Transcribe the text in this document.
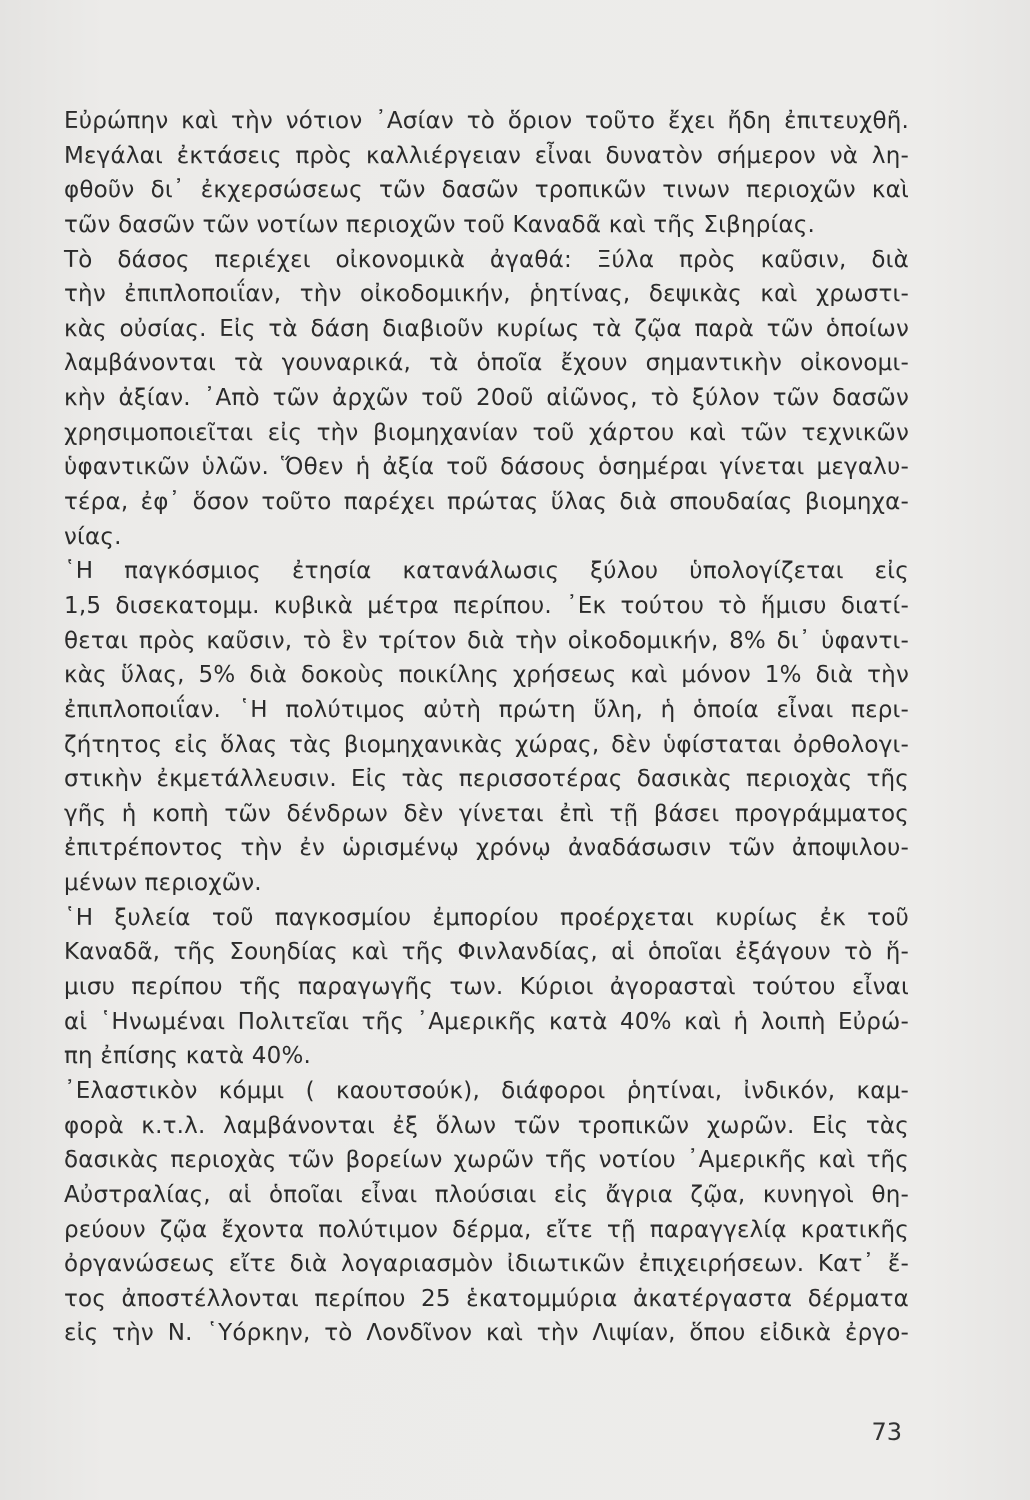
Εὐρώπην καὶ τὴν νότιον ᾿Ασίαν τὸ ὅριον τοῦτο ἔχει ἤδη ἐπιτευχθῆ.
Μεγάλαι ἐκτάσεις πρὸς καλλιέργειαν εἶναι δυνατὸν σήμερον νὰ λη-
φθοῦν δι᾿ ἐκχερσώσεως τῶν δασῶν τροπικῶν τινων περιοχῶν καὶ
τῶν δασῶν τῶν νοτίων περιοχῶν τοῦ Καναδᾶ καὶ τῆς Σιβηρίας.
Τὸ δάσος περιέχει οἰκονομικὰ ἀγαθά: Ξύλα πρὸς καῦσιν, διὰ
τὴν ἐπιπλοποιΐαν, τὴν οἰκοδομικήν, ῥητίνας, δεψικὰς καὶ χρωστι-
κὰς οὐσίας. Εἰς τὰ δάση διαβιοῦν κυρίως τὰ ζῷα παρὰ τῶν ὁποίων
λαμβάνονται τὰ γουναρικά, τὰ ὁποῖα ἔχουν σημαντικὴν οἰκονομι-
κὴν ἀξίαν. ᾿Απὸ τῶν ἀρχῶν τοῦ 20οῦ αἰῶνος, τὸ ξύλον τῶν δασῶν
χρησιμοποιεῖται εἰς τὴν βιομηχανίαν τοῦ χάρτου καὶ τῶν τεχνικῶν
ὑφαντικῶν ὑλῶν. Ὅθεν ἡ ἀξία τοῦ δάσους ὁσημέραι γίνεται μεγαλυ-
τέρα, ἐφ᾿ ὅσον τοῦτο παρέχει πρώτας ὕλας διὰ σπουδαίας βιομηχα-
νίας.
῾Η παγκόσμιος ἐτησία κατανάλωσις ξύλου ὑπολογίζεται εἰς
1,5 δισεκατομμ. κυβικὰ μέτρα περίπου. ᾿Εκ τούτου τὸ ἥμισυ διατί-
θεται πρὸς καῦσιν, τὸ ἓν τρίτον διὰ τὴν οἰκοδομικήν, 8% δι᾿ ὑφαντι-
κὰς ὕλας, 5% διὰ δοκοὺς ποικίλης χρήσεως καὶ μόνον 1% διὰ τὴν
ἐπιπλοποιΐαν. ῾Η πολύτιμος αὐτὴ πρώτη ὕλη, ἡ ὁποία εἶναι περι-
ζήτητος εἰς ὅλας τὰς βιομηχανικὰς χώρας, δὲν ὑφίσταται ὀρθολογι-
στικὴν ἐκμετάλλευσιν. Εἰς τὰς περισσοτέρας δασικὰς περιοχὰς τῆς
γῆς ἡ κοπὴ τῶν δένδρων δὲν γίνεται ἐπὶ τῇ βάσει προγράμματος
ἐπιτρέποντος τὴν ἐν ὡρισμένῳ χρόνῳ ἀναδάσωσιν τῶν ἀποψιλου-
μένων περιοχῶν.
῾Η ξυλεία τοῦ παγκοσμίου ἐμπορίου προέρχεται κυρίως ἐκ τοῦ
Καναδᾶ, τῆς Σουηδίας καὶ τῆς Φινλανδίας, αἱ ὁποῖαι ἐξάγουν τὸ ἥ-
μισυ περίπου τῆς παραγωγῆς των. Κύριοι ἀγορασταὶ τούτου εἶναι
αἱ ῾Ηνωμέναι Πολιτεῖαι τῆς ᾿Αμερικῆς κατὰ 40% καὶ ἡ λοιπὴ Εὐρώ-
πη ἐπίσης κατὰ 40%.
᾿Ελαστικὸν κόμμι ( καουτσούκ), διάφοροι ῥητίναι, ἰνδικόν, καμ-
φορὰ κ.τ.λ. λαμβάνονται ἐξ ὅλων τῶν τροπικῶν χωρῶν. Εἰς τὰς
δασικὰς περιοχὰς τῶν βορείων χωρῶν τῆς νοτίου ᾿Αμερικῆς καὶ τῆς
Αὐστραλίας, αἱ ὁποῖαι εἶναι πλούσιαι εἰς ἄγρια ζῷα, κυνηγοὶ θη-
ρεύουν ζῷα ἔχοντα πολύτιμον δέρμα, εἴτε τῇ παραγγελίᾳ κρατικῆς
ὀργανώσεως εἴτε διὰ λογαριασμὸν ἰδιωτικῶν ἐπιχειρήσεων. Κατ᾿ ἔ-
τος ἀποστέλλονται περίπου 25 ἑκατομμύρια ἀκατέργαστα δέρματα
εἰς τὴν Ν. ῾Υόρκην, τὸ Λονδῖνον καὶ τὴν Λιψίαν, ὅπου εἰδικὰ ἐργο-
73
